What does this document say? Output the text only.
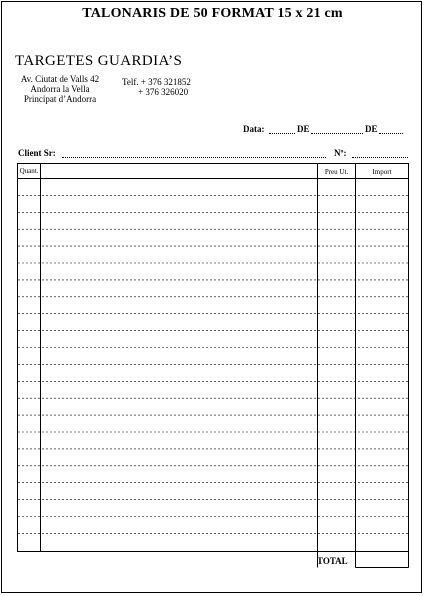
TALONARIS DE 50 FORMAT 15 x 21 cm
TARGETES GUARDIA’S
Av. Ciutat de Valls 42
Andorra la Vella
Principat d’Andorra
Telf. + 376 321852
+ 376 326020
Data:	DE	DE
Client Sr:	Nº:
Quant.	Preu Ut.	Import
TOTAL
